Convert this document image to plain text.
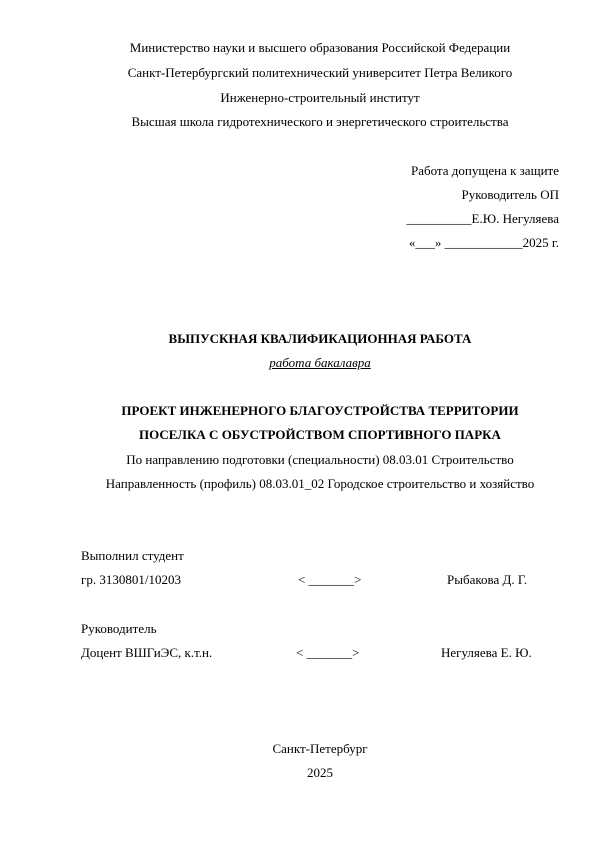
Министерство науки и высшего образования Российской Федерации
Санкт-Петербургский политехнический университет Петра Великого
Инженерно-строительный институт
Высшая школа гидротехнического и энергетического строительства
Работа допущена к защите
Руководитель ОП
__________Е.Ю. Негуляева
«___» ____________2025 г.
ВЫПУСКНАЯ КВАЛИФИКАЦИОННАЯ РАБОТА
работа бакалавра
ПРОЕКТ ИНЖЕНЕРНОГО БЛАГОУСТРОЙСТВА ТЕРРИТОРИИ
ПОСЕЛКА С ОБУСТРОЙСТВОМ СПОРТИВНОГО ПАРКА
По направлению подготовки (специальности) 08.03.01 Строительство
Направленность (профиль) 08.03.01_02 Городское строительство и хозяйство
Выполнил студент
гр. 3130801/10203	< _______>	Рыбакова Д. Г.
Руководитель
Доцент ВШГиЭС, к.т.н.	< _______>	Негуляева Е. Ю.
Санкт-Петербург
2025
